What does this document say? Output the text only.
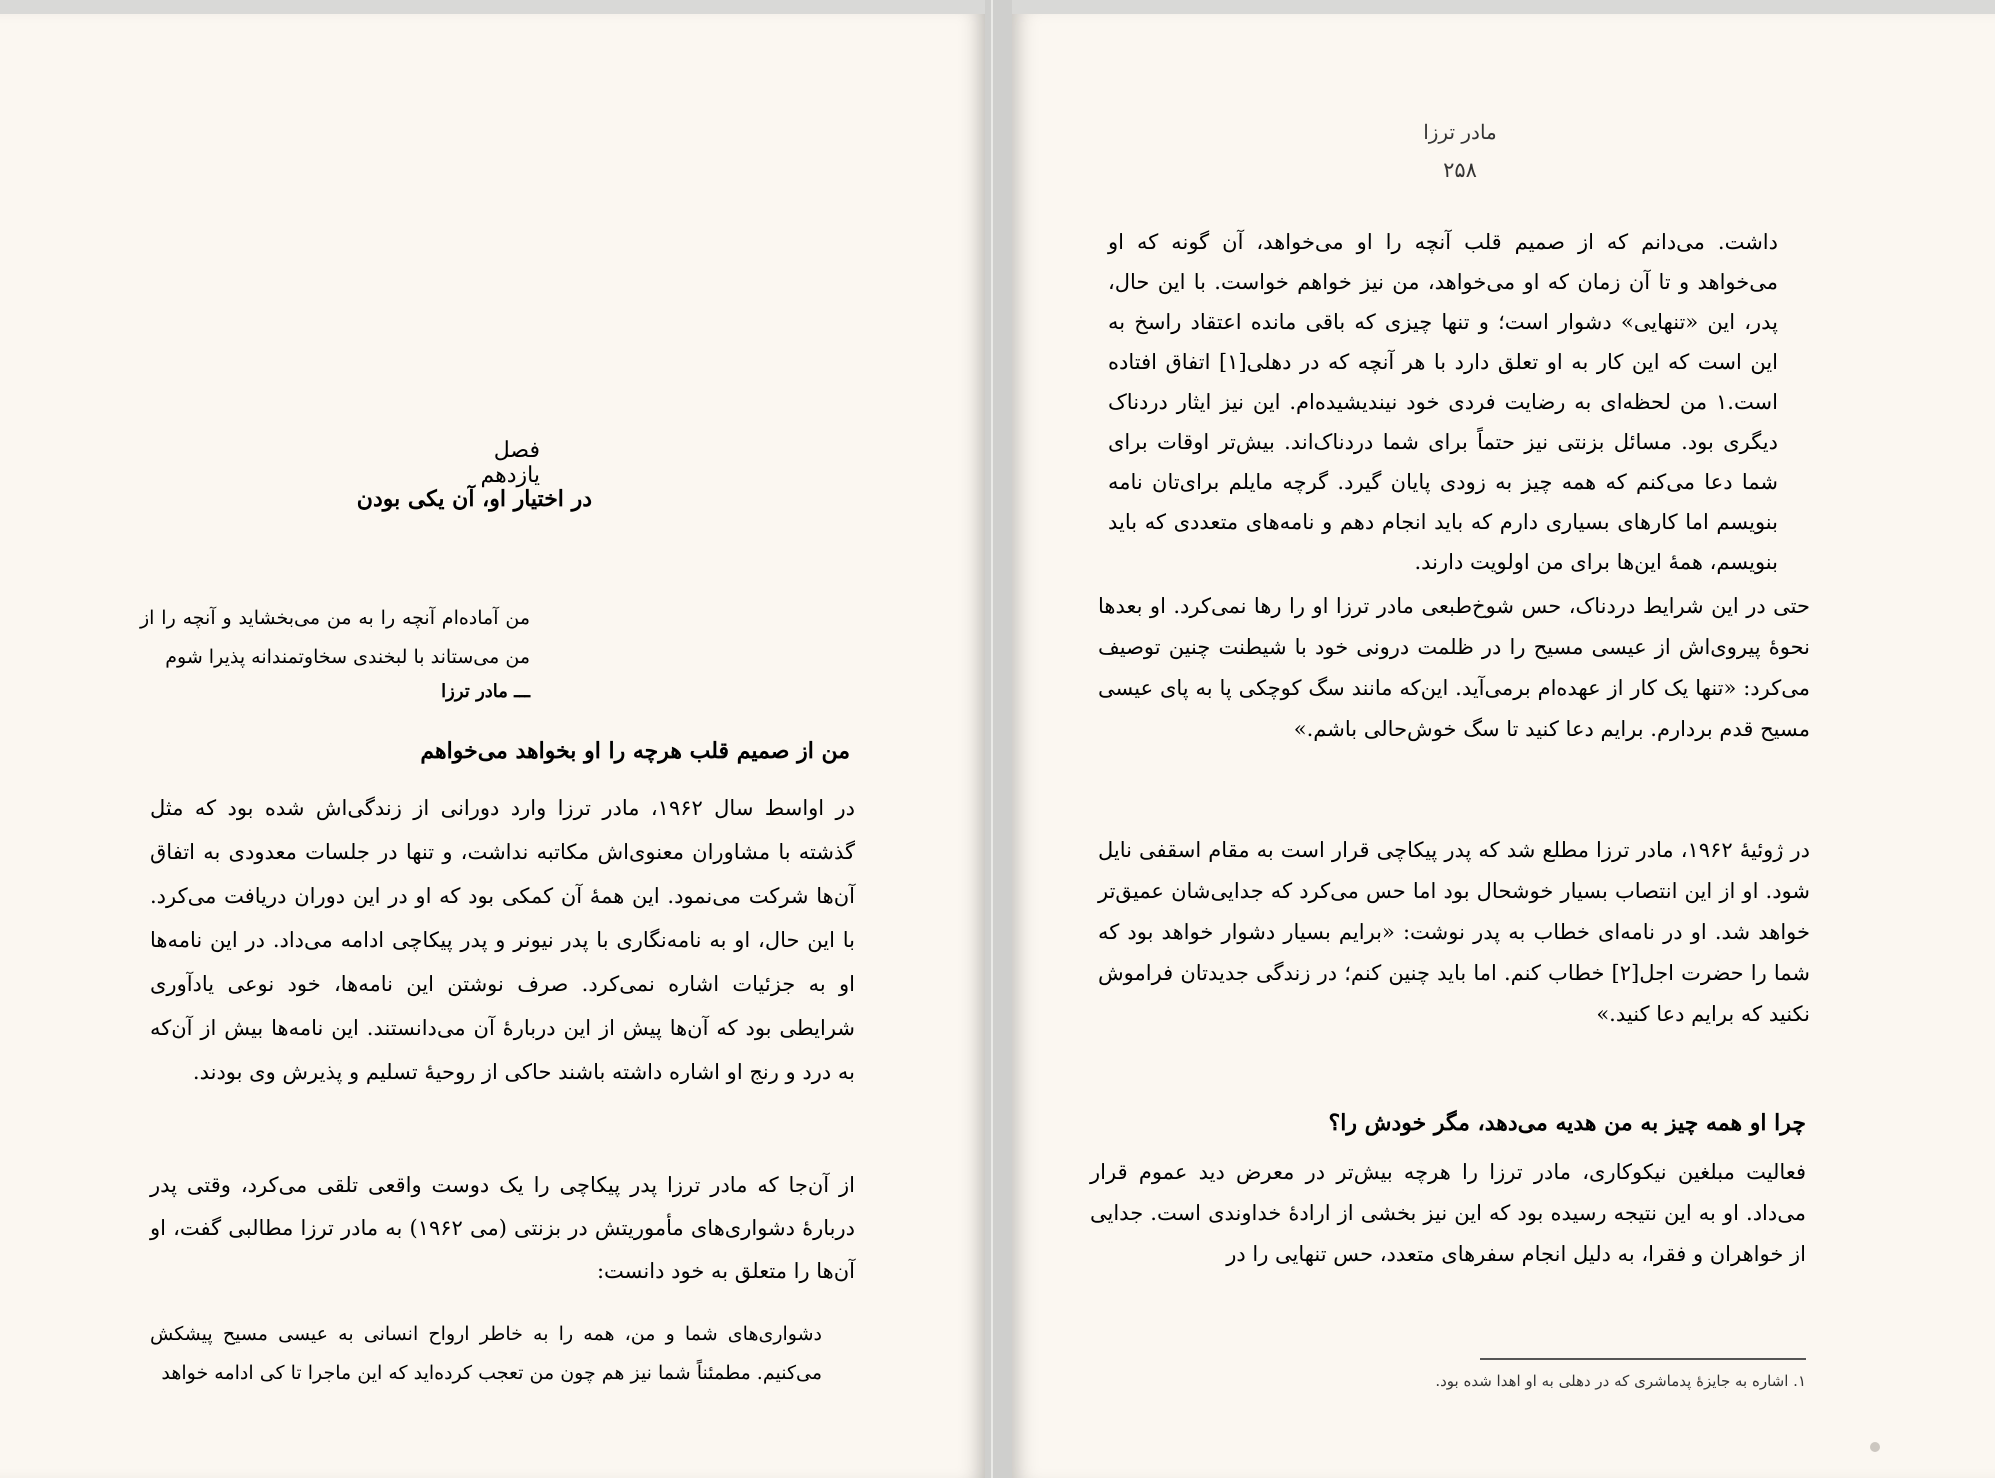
مادر ترزا
۲۵۸

داشت. می‌دانم که از صمیم قلب آنچه را او می‌خواهد، آن گونه که او می‌خواهد و تا آن زمان که او می‌خواهد، من نیز خواهم خواست. با این حال، پدر، این «تنهایی» دشوار است؛ و تنها چیزی که باقی مانده اعتقاد راسخ به این است که این کار به او تعلق دارد با هر آنچه که در دهلی[۱] اتفاق افتاده است.۱ من لحظه‌ای به رضایت فردی خود نیندیشیده‌ام. این نیز ایثار دردناک دیگری بود. مسائل بزنتی نیز حتماً برای شما دردناک‌اند. بیش‌تر اوقات برای شما دعا می‌کنم که همه چیز به زودی پایان گیرد. گرچه مایلم برای‌تان نامه بنویسم اما کارهای بسیاری دارم که باید انجام دهم و نامه‌های متعددی که باید بنویسم، همهٔ این‌ها برای من اولویت دارند.

حتی در این شرایط دردناک، حس شوخ‌طبعی مادر ترزا او را رها نمی‌کرد. او بعدها نحوهٔ پیروی‌اش از عیسی مسیح را در ظلمت درونی خود با شیطنت چنین توصیف می‌کرد: «تنها یک کار از عهده‌ام برمی‌آید. این‌که مانند سگ کوچکی پا به پای عیسی مسیح قدم بردارم. برایم دعا کنید تا سگ خوش‌حالی باشم.»

در ژوئیهٔ ۱۹۶۲، مادر ترزا مطلع شد که پدر پیکاچی قرار است به مقام اسقفی نایل شود. او از این انتصاب بسیار خوشحال بود اما حس می‌کرد که جدایی‌شان عمیق‌تر خواهد شد. او در نامه‌ای خطاب به پدر نوشت: «برایم بسیار دشوار خواهد بود که شما را حضرت اجل[۲] خطاب کنم. اما باید چنین کنم؛ در زندگی جدیدتان فراموش نکنید که برایم دعا کنید.»

چرا او همه چیز به من هدیه می‌دهد، مگر خودش را؟

فعالیت مبلغین نیکوکاری، مادر ترزا را هرچه بیش‌تر در معرض دید عموم قرار می‌داد. او به این نتیجه رسیده بود که این نیز بخشی از ارادهٔ خداوندی است. جدایی از خواهران و فقرا، به دلیل انجام سفرهای متعدد، حس تنهایی را در

۱. اشاره به جایزهٔ پدماشری که در دهلی به او اهدا شده بود.
فصل یازدهم
در اختیار او، آن یکی بودن

من آماده‌ام آنچه را به من می‌بخشاید و آنچه را از من می‌ستاند با لبخندی سخاوتمندانه پذیرا شوم

ـــ مادر ترزا
من از صمیم قلب هرچه را او بخواهد می‌خواهم

در اواسط سال ۱۹۶۲، مادر ترزا وارد دورانی از زندگی‌اش شده بود که مثل گذشته با مشاوران معنوی‌اش مکاتبه نداشت، و تنها در جلسات معدودی به اتفاق آن‌ها شرکت می‌نمود. این همهٔ آن کمکی بود که او در این دوران دریافت می‌کرد. با این حال، او به نامه‌نگاری با پدر نیونر و پدر پیکاچی ادامه می‌داد. در این نامه‌ها او به جزئیات اشاره نمی‌کرد. صرف نوشتن این نامه‌ها، خود نوعی یادآوری شرایطی بود که آن‌ها پیش از این دربارهٔ آن می‌دانستند. این نامه‌ها بیش از آن‌که به درد و رنج او اشاره داشته باشند حاکی از روحیهٔ تسلیم و پذیرش وی بودند.

از آن‌جا که مادر ترزا پدر پیکاچی را یک دوست واقعی تلقی می‌کرد، وقتی پدر دربارهٔ دشواری‌های مأموریتش در بزنتی (می ۱۹۶۲) به مادر ترزا مطالبی گفت، او آن‌ها را متعلق به خود دانست:

دشواری‌های شما و من، همه را به خاطر ارواح انسانی به عیسی مسیح پیشکش می‌کنیم. مطمئناً شما نیز هم چون من تعجب کرده‌اید که این ماجرا تا کی ادامه خواهد
